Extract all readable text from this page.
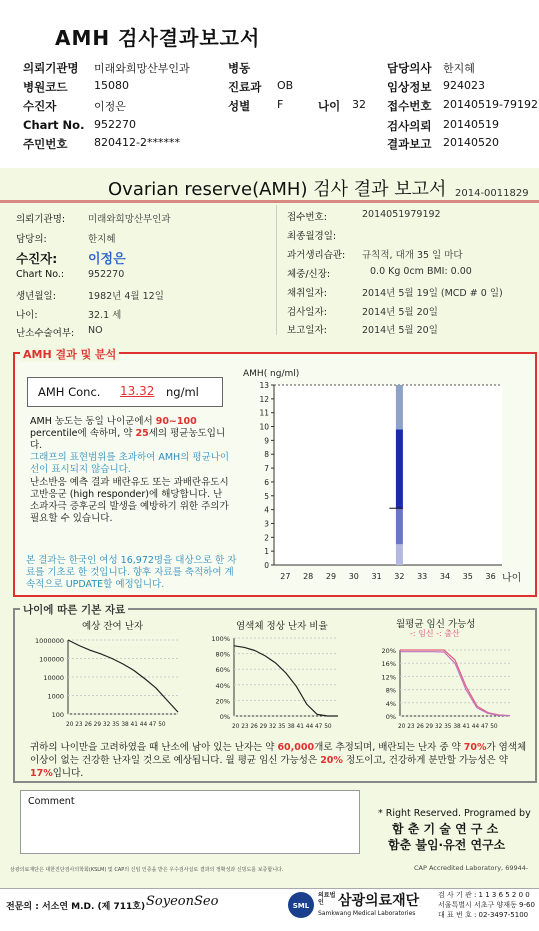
AMH 검사결과보고서
의뢰기관명 미래와희망산부인과	병동	담당의사 한지혜
병원코드 15080	진료과 OB	임상정보 924023
수진자	이정은	성별 F	나이 32 접수번호 20140519-79192
Chart No. 952270	검사의뢰 20140519
주민번호 820412-2******	결과보고 20140520
Ovarian reserve(AMH) 검사 결과 보고서 2014-0011829
의뢰기관명: 미래와희망산부인과
담당의:	한지혜
수진자: 이정은
Chart No.:	952270
생년월일:	1982년 4월 12일
나이:	32.1 세
난소수술여부: NO
접수번호:	2014051979192
최종월경일:
과거생리습관: 규칙적, 대개 35 일 마다
체중/신장:	0.0 Kg 0cm BMI: 0.00
채취일자:	2014년 5월 19일 (MCD # 0 일)
검사일자:	2014년 5월 20일
보고일자:	2014년 5월 20일
AMH 결과 및 분석
AMH Conc. 13.32 ng/ml
AMH 농도는 동일 나이군에서 90~100 percentile에 속하며, 약 25세의 평균농도입니다.
그래프의 표현범위를 초과하여 AMH의 평균나이선이 표시되지 않습니다.
난소반응 예측 결과 배란유도 또는 과배란유도시 고반응군 (high responder)에 해당합니다. 난소과자극 증후군의 발생을 예방하기 위한 주의가 필요할 수 있습니다.
본 결과는 한국인 여성 16,972명을 대상으로 한 자료를 기초로 한 것입니다. 향후 자료를 축적하여 계속적으로 UPDATE할 예정입니다.
AMH( ng/ml)
27 28 29 30 31 32 33 34 35 36
0
1
2
3
4
5
6
7
8
9
10
11
12
13
나이
나이에 따른 기본 자료
예상 잔여 난자	염색체 정상 난자 비율	월평균 임신 가능성
-: 임신 -: 출산
1000000
100000
10000
1000
100
20 23 26 29 32 35 38 41 44 47 50
100%
80%
60%
40%
20%
0%
20 23 26 29 32 35 38 41 44 47 50
20%
16%
12%
8%
4%
0%
20 23 26 29 32 35 38 41 44 47 50
귀하의 나이만을 고려하였을 때 난소에 남아 있는 난자는 약 60,000개로 추정되며, 배란되는 난자 중 약 70%가 염색체이상이 없는 건강한 난자일 것으로 예상됩니다. 월 평균 임신 가능성은 20% 정도이고, 건강하게 분만할 가능성은 약 17%입니다.
Comment
* Right Reserved. Programed by
함 춘 기 술 연 구 소
함춘 불임·유전 연구소
삼광의료재단은 대한진단검사의학회(KSLM) 및 CAP의 신임 인증을 받은 우수검사실로 결과의 정확성과 신빙도를 보증합니다.	CAP Accredited Laboratory, 69944-
전문의 : 서소연 M.D. (제 711호) SoyeonSeo	SML
의료법인	삼광의료재단
Samkwang Medical Laboratories
검 사 기 관 : 1 1 3 6 5 2 0 0
서울특별시 서초구 양재동 9-60
대 표 번 호 : 02-3497-5100
